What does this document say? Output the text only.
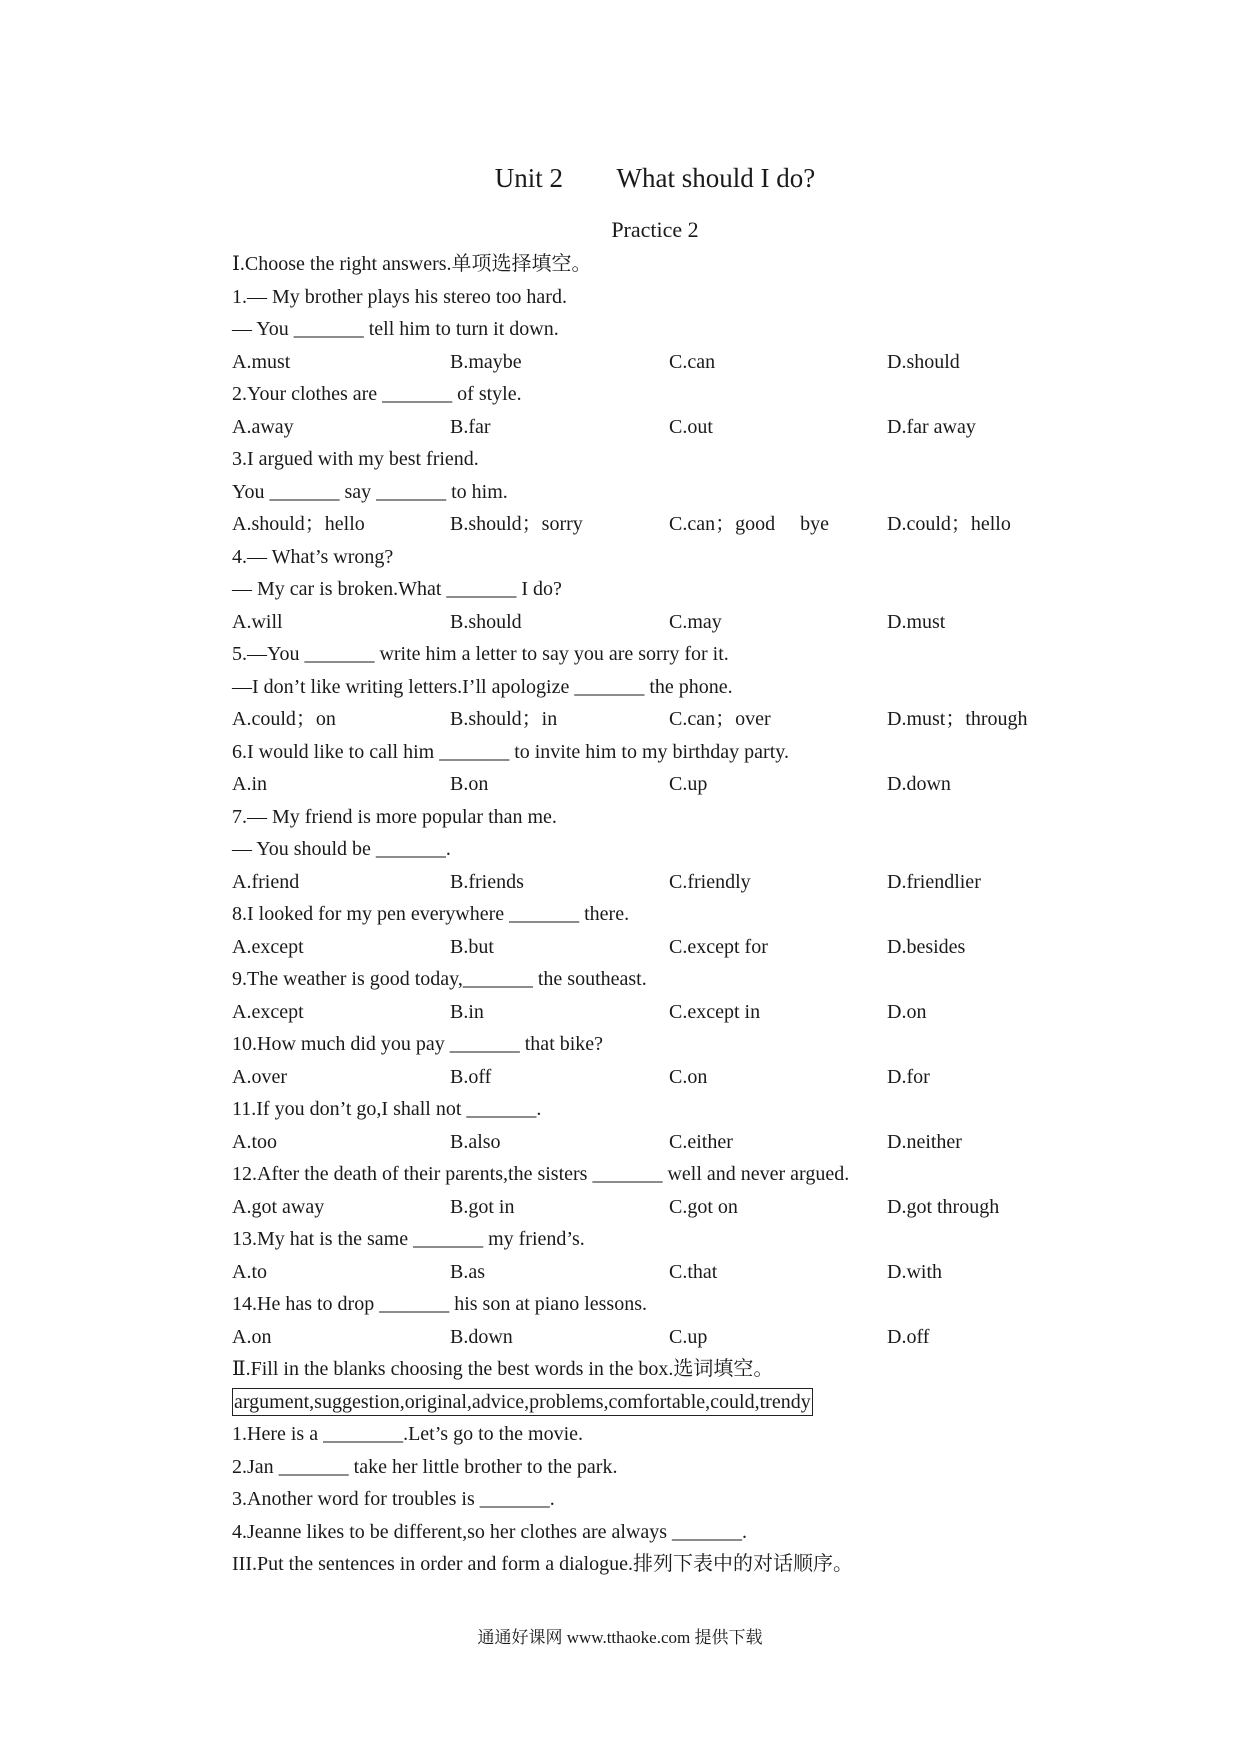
Unit 2        What should I do?
Practice 2
Ⅰ.Choose the right answers.单项选择填空。
1.— My brother plays his stereo too hard.
— You _______ tell him to turn it down.
A.must	B.maybe	C.can	D.should
2.Your clothes are _______ of style.
A.away	B.far	C.out	D.far away
3.I argued with my best friend.
You _______ say _______ to him.
A.should；hello	B.should；sorry	C.can；good     bye	D.could；hello
4.— What’s wrong?
— My car is broken.What _______ I do?
A.will	B.should	C.may	D.must
5.—You _______ write him a letter to say you are sorry for it.
—I don’t like writing letters.I’ll apologize _______ the phone.
A.could；on	B.should；in	C.can；over	D.must；through
6.I would like to call him _______ to invite him to my birthday party.
A.in	B.on	C.up	D.down
7.— My friend is more popular than me.
— You should be _______.
A.friend	B.friends	C.friendly	D.friendlier
8.I looked for my pen everywhere _______ there.
A.except	B.but	C.except for	D.besides
9.The weather is good today,_______ the southeast.
A.except	B.in	C.except in	D.on
10.How much did you pay _______ that bike?
A.over	B.off	C.on	D.for
11.If you don’t go,I shall not _______.
A.too	B.also	C.either	D.neither
12.After the death of their parents,the sisters _______ well and never argued.
A.got away	B.got in	C.got on	D.got through
13.My hat is the same _______ my friend’s.
A.to	B.as	C.that	D.with
14.He has to drop _______ his son at piano lessons.
A.on	B.down	C.up	D.off
Ⅱ.Fill in the blanks choosing the best words in the box.选词填空。
argument,suggestion,original,advice,problems,comfortable,could,trendy
1.Here is a ________.Let’s go to the movie.
2.Jan _______ take her little brother to the park.
3.Another word for troubles is _______.
4.Jeanne likes to be different,so her clothes are always _______.
III.Put the sentences in order and form a dialogue.排列下表中的对话顺序。
通通好课网 www.tthaoke.com 提供下载
